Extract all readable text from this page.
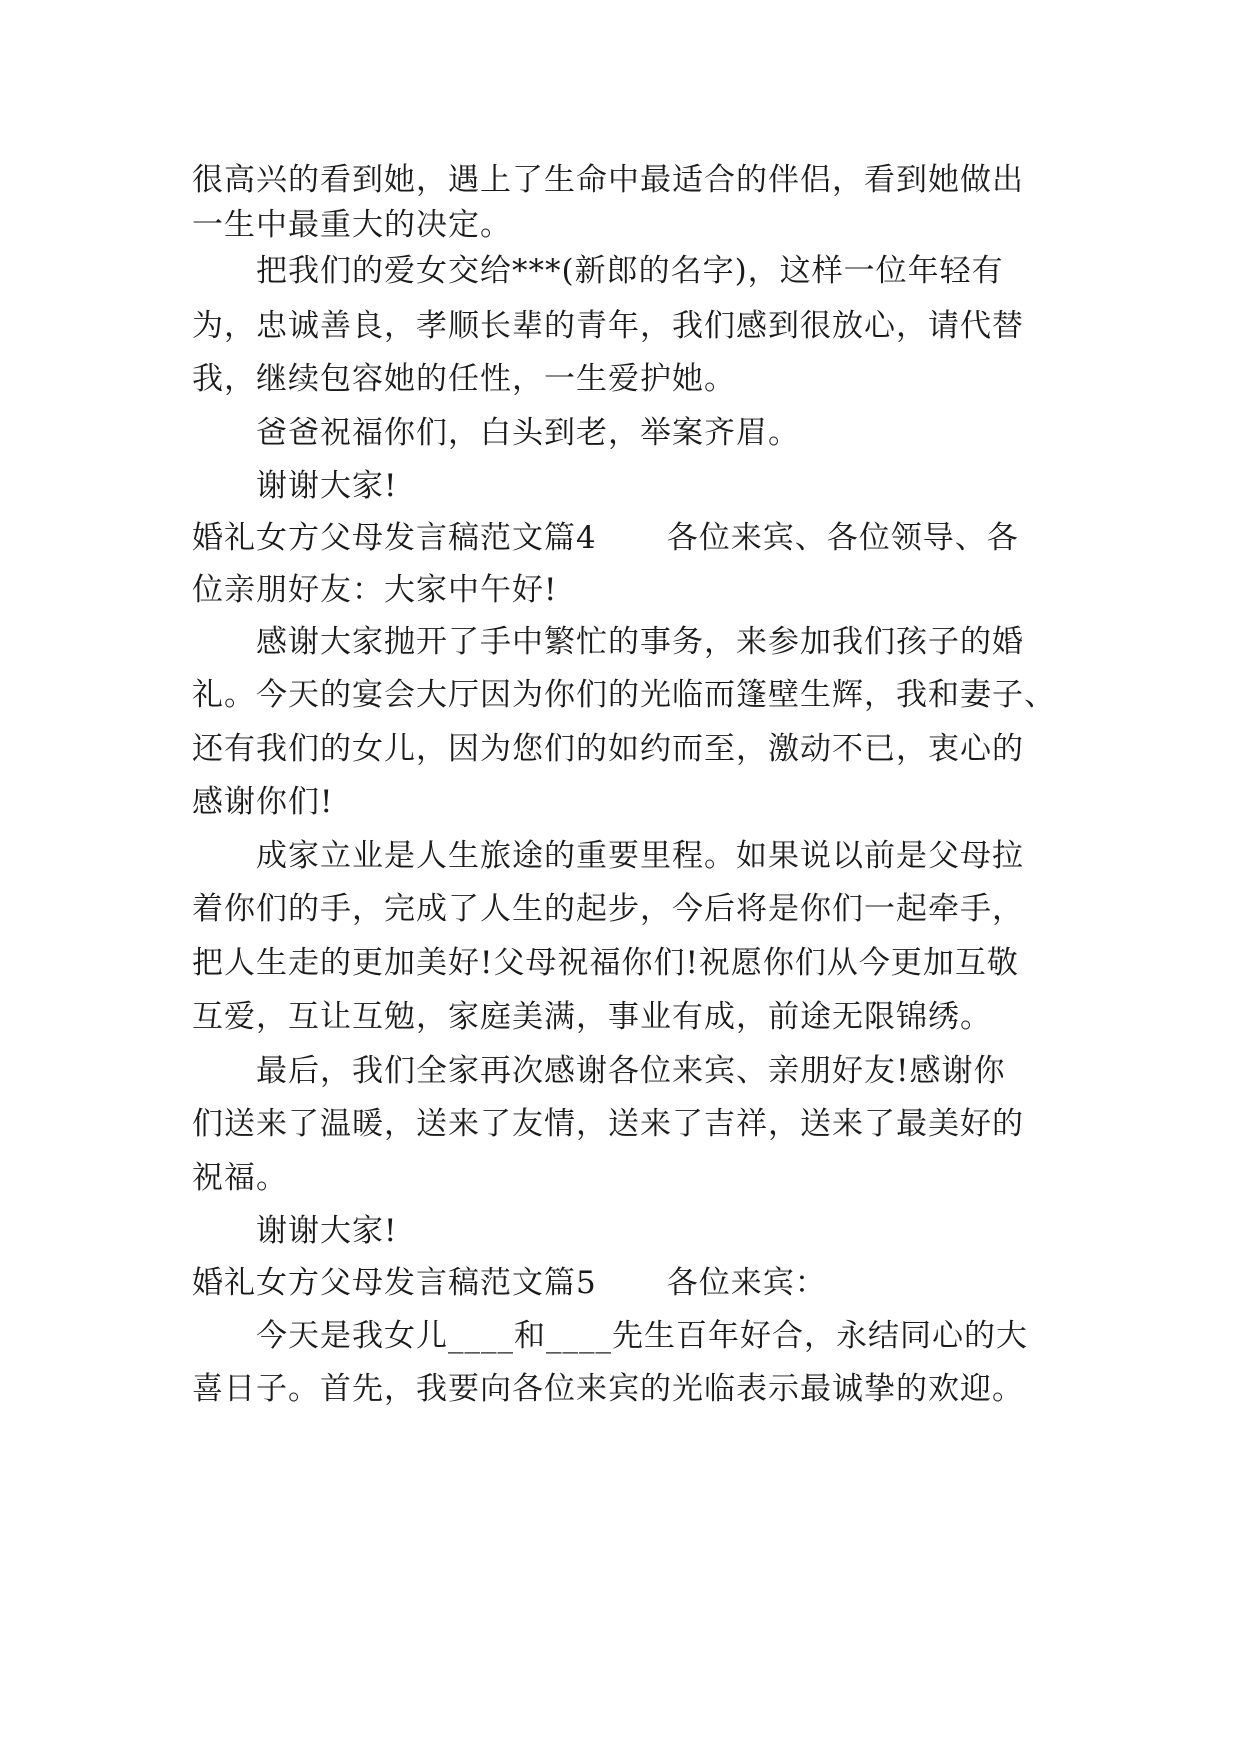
很高兴的看到她，遇上了生命中最适合的伴侣，看到她做出
一生中最重大的决定。
把我们的爱女交给***(新郎的名字)，这样一位年轻有
为，忠诚善良，孝顺长辈的青年，我们感到很放心，请代替
我，继续包容她的任性，一生爱护她。
爸爸祝福你们，白头到老，举案齐眉。
谢谢大家!
婚礼女方父母发言稿范文篇4 各位来宾、各位领导、各
位亲朋好友：大家中午好!
感谢大家抛开了手中繁忙的事务，来参加我们孩子的婚
礼。今天的宴会大厅因为你们的光临而篷壁生辉，我和妻子、
还有我们的女儿，因为您们的如约而至，激动不已，衷心的
感谢你们!
成家立业是人生旅途的重要里程。如果说以前是父母拉
着你们的手，完成了人生的起步，今后将是你们一起牵手，
把人生走的更加美好!父母祝福你们!祝愿你们从今更加互敬
互爱，互让互勉，家庭美满，事业有成，前途无限锦绣。
最后，我们全家再次感谢各位来宾、亲朋好友!感谢你
们送来了温暖，送来了友情，送来了吉祥，送来了最美好的
祝福。
谢谢大家!
婚礼女方父母发言稿范文篇5 各位来宾：
今天是我女儿____和____先生百年好合，永结同心的大
喜日子。首先，我要向各位来宾的光临表示最诚挚的欢迎。
